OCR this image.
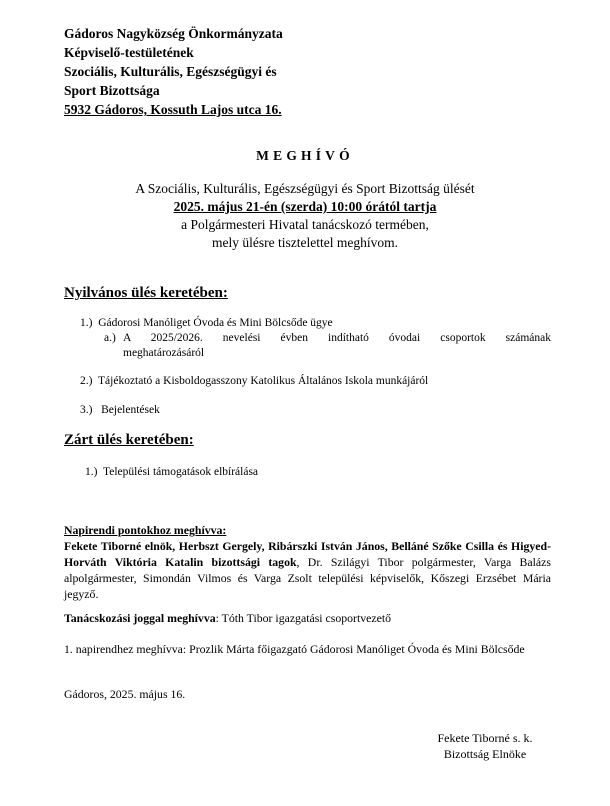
Gádoros Nagyközség Önkormányzata
Képviselő-testületének
Szociális, Kulturális, Egészségügyi és
Sport Bizottsága
5932 Gádoros, Kossuth Lajos utca 16.
MEGHÍVÓ
A Szociális, Kulturális, Egészségügyi és Sport Bizottság ülését
2025. május 21-én (szerda) 10:00 órától tartja
a Polgármesteri Hivatal tanácskozó termében,
mely ülésre tisztelettel meghívom.
Nyilvános ülés keretében:
1.) Gádorosi Manóliget Óvoda és Mini Bölcsőde ügye
a.) A 2025/2026. nevelési évben indítható óvodai csoportok számának
meghatározásáról
2.) Tájékoztató a Kisboldogasszony Katolikus Általános Iskola munkájáról
3.) Bejelentések
Zárt ülés keretében:
1.) Települési támogatások elbírálása
Napirendi pontokhoz meghívva:
Fekete Tiborné elnök, Herbszt Gergely, Ribárszki István János, Belláné Szőke Csilla és Higyed-Horváth Viktória Katalin bizottsági tagok, Dr. Szilágyi Tibor polgármester, Varga Balázs alpolgármester, Simondán Vilmos és Varga Zsolt települési képviselők, Kőszegi Erzsébet Mária jegyző.
Tanácskozási joggal meghívva: Tóth Tibor igazgatási csoportvezető
1. napirendhez meghívva: Prozlik Márta főigazgató Gádorosi Manóliget Óvoda és Mini Bölcsőde
Gádoros, 2025. május 16.
Fekete Tiborné s. k.
Bizottság Elnöke
